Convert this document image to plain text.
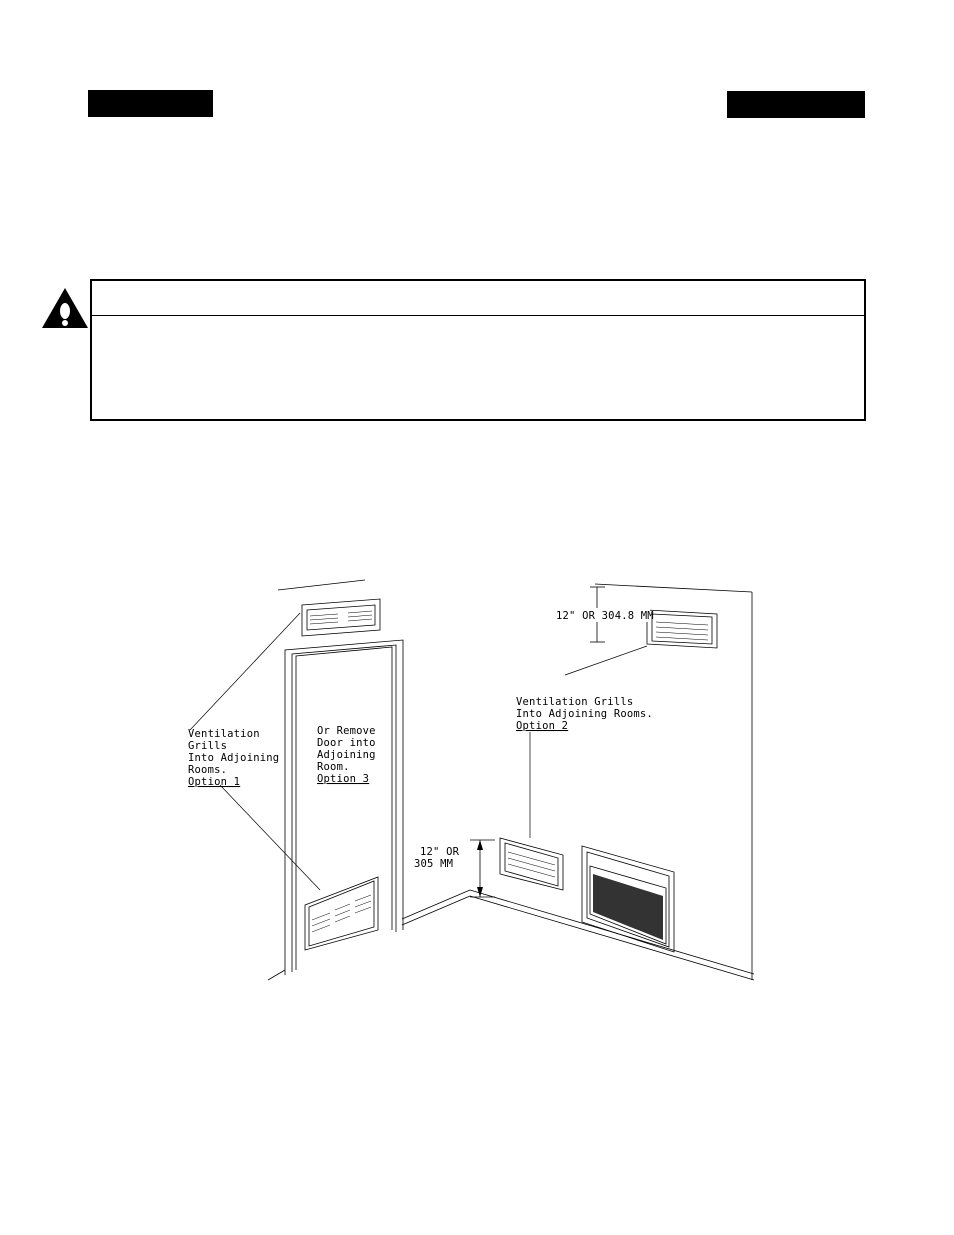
Ventilation
Grills
Into Adjoining
Rooms.
Option 1
Or Remove
Door into
Adjoining
Room.
Option 3
Ventilation Grills
Into Adjoining Rooms.
Option 2
12" OR 304.8 MM
12" OR
305 MM
